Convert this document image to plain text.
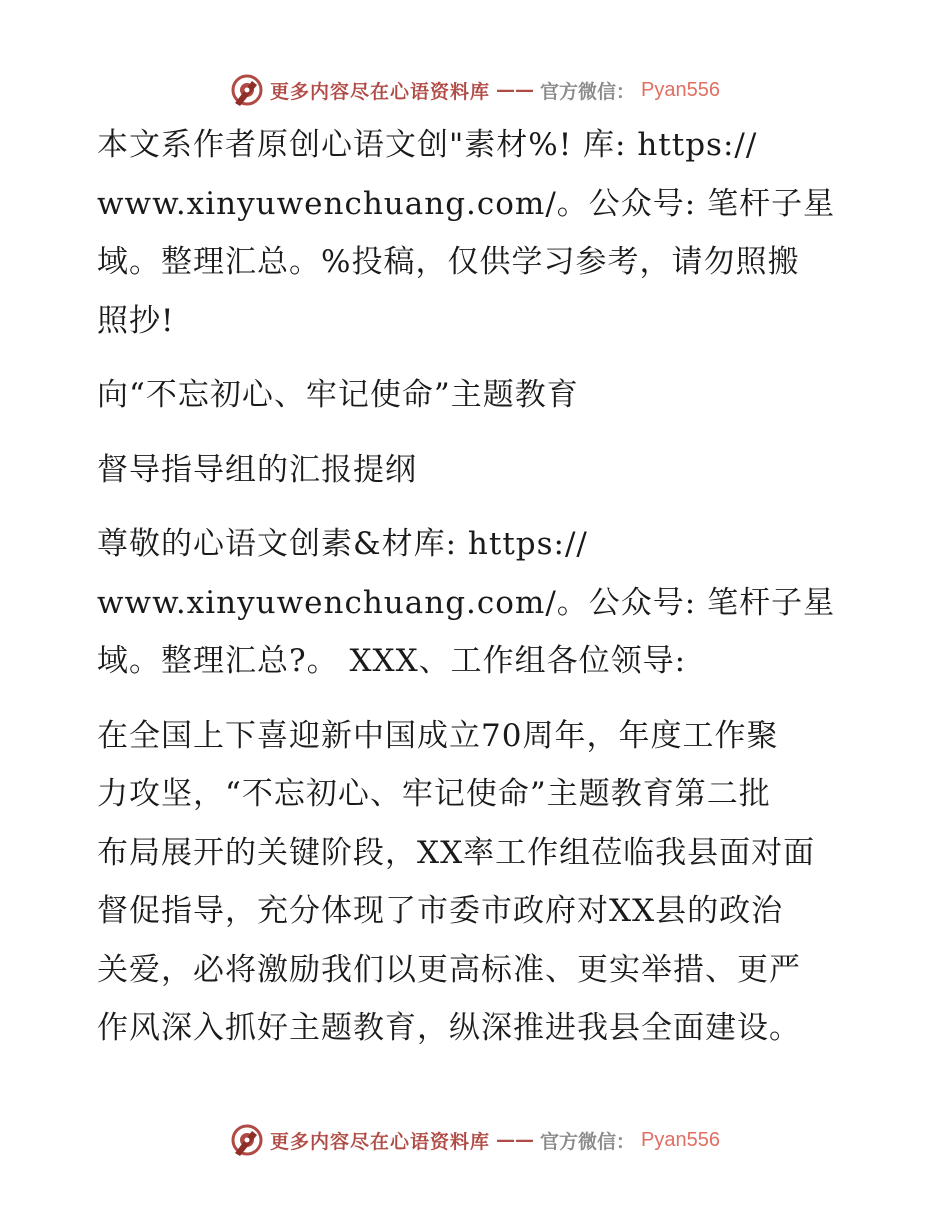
更多内容尽在心语资料库 —— 官方微信： Pyan556

本文系作者原创心语文创"素材%! 库: https://
www.xinyuwenchuang.com/。公众号: 笔杆子星
域。整理汇总。%投稿，仅供学习参考，请勿照搬
照抄!

向“不忘初心、牢记使命”主题教育

督导指导组的汇报提纲

尊敬的心语文创素&材库: https://
www.xinyuwenchuang.com/。公众号: 笔杆子星
域。整理汇总?。 XXX、工作组各位领导:

在全国上下喜迎新中国成立70周年，年度工作聚
力攻坚，“不忘初心、牢记使命”主题教育第二批
布局展开的关键阶段，XX率工作组莅临我县面对面
督促指导，充分体现了市委市政府对XX县的政治
关爱，必将激励我们以更高标准、更实举措、更严
作风深入抓好主题教育，纵深推进我县全面建设。

更多内容尽在心语资料库 —— 官方微信： Pyan556
